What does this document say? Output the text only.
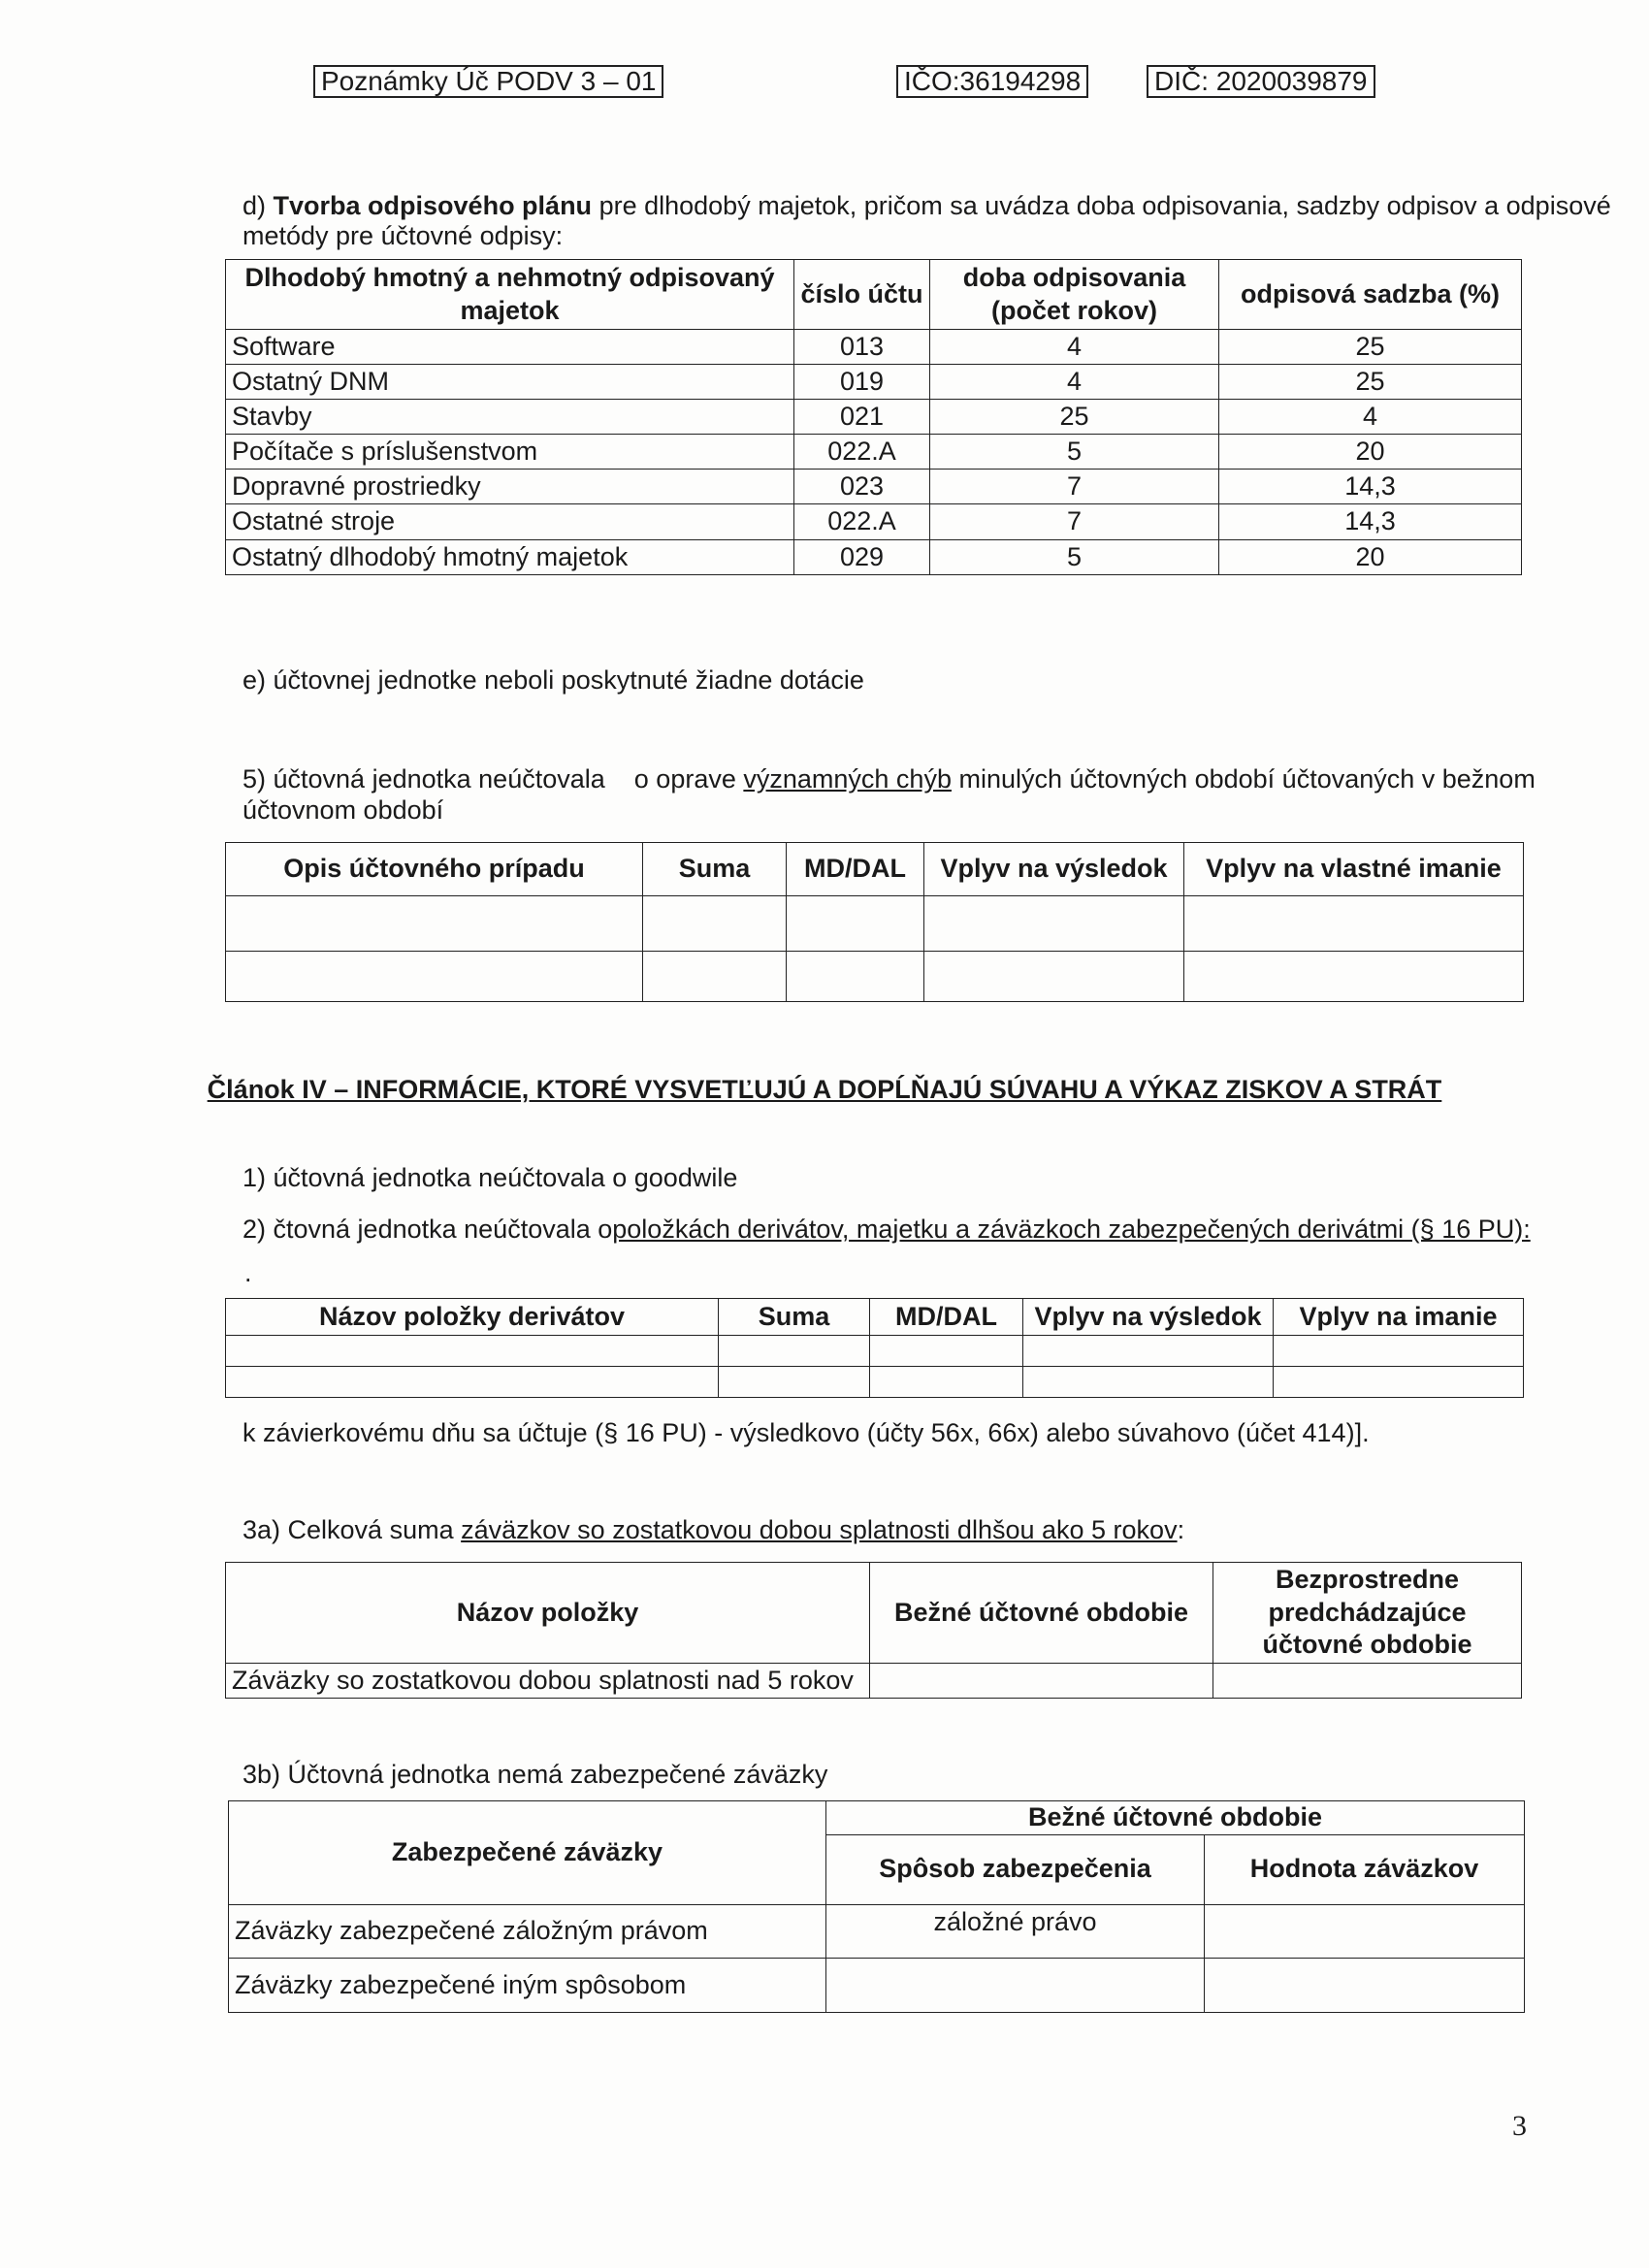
Poznámky Úč PODV 3 – 01	IČO:36194298	DIČ: 2020039879
d) Tvorba odpisového plánu pre dlhodobý majetok, pričom sa uvádza doba odpisovania, sadzby odpisov a odpisové
metódy pre účtovné odpisy:
Dlhodobý hmotný a nehmotný odpisovaný majetok	číslo účtu	doba odpisovania (počet rokov)	odpisová sadzba (%)
Software	013	4	25
Ostatný DNM	019	4	25
Stavby	021	25	4
Počítače s príslušenstvom	022.A	5	20
Dopravné prostriedky	023	7	14,3
Ostatné stroje	022.A	7	14,3
Ostatný dlhodobý hmotný majetok	029	5	20
e) účtovnej jednotke neboli poskytnuté žiadne dotácie
5) účtovná jednotka neúčtovala o oprave významných chýb minulých účtovných období účtovaných v bežnom
účtovnom období
Opis účtovného prípadu	Suma	MD/DAL	Vplyv na výsledok	Vplyv na vlastné imanie

Článok IV – INFORMÁCIE, KTORÉ VYSVETĽUJÚ A DOPĹŇAJÚ SÚVAHU A VÝKAZ ZISKOV A STRÁT
1) účtovná jednotka neúčtovala o goodwile
2) čtovná jednotka neúčtovala opoložkách derivátov, majetku a záväzkoch zabezpečených derivátmi (§ 16 PU):
.
Názov položky derivátov	Suma	MD/DAL	Vplyv na výsledok	Vplyv na imanie

k závierkovému dňu sa účtuje (§ 16 PU) - výsledkovo (účty 56x, 66x) alebo súvahovo (účet 414)].
3a) Celková suma záväzkov so zostatkovou dobou splatnosti dlhšou ako 5 rokov:
Názov položky	Bežné účtovné obdobie	Bezprostredne predchádzajúce účtovné obdobie
Záväzky so zostatkovou dobou splatnosti nad 5 rokov		
3b) Účtovná jednotka nemá zabezpečené záväzky
Zabezpečené záväzky	Bežné účtovné obdobie	
	Spôsob zabezpečenia	Hodnota záväzkov
Záväzky zabezpečené záložným právom	záložné právo	
Záväzky zabezpečené iným spôsobom		
3
